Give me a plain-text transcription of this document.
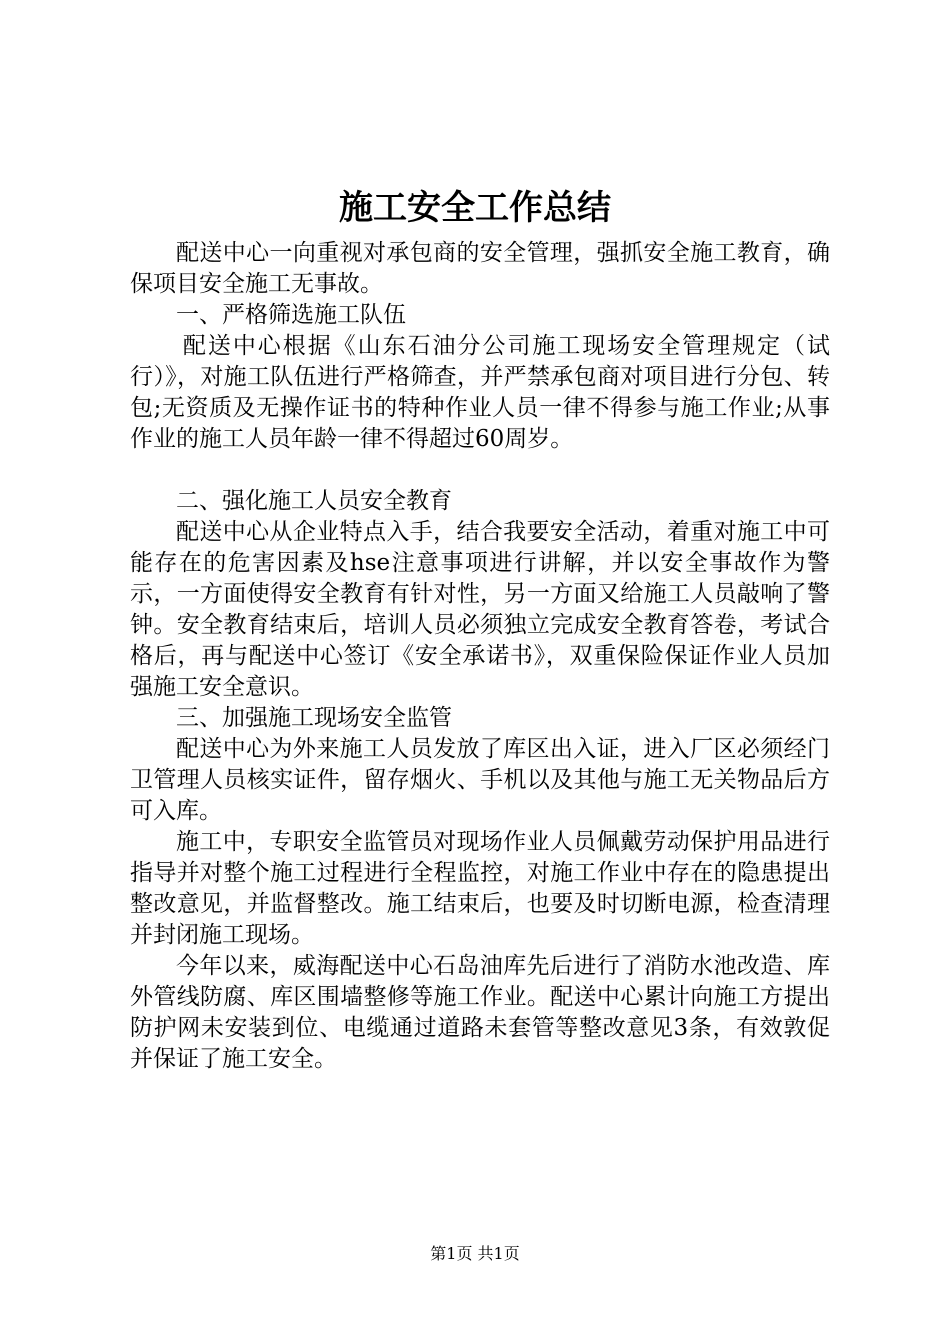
施工安全工作总结

配送中心一向重视对承包商的安全管理，强抓安全施工教育，确保项目安全施工无事故。

一、严格筛选施工队伍

配送中心根据《山东石油分公司施工现场安全管理规定（试行）》，对施工队伍进行严格筛查，并严禁承包商对项目进行分包、转包;无资质及无操作证书的特种作业人员一律不得参与施工作业;从事作业的施工人员年龄一律不得超过60周岁。

二、强化施工人员安全教育

配送中心从企业特点入手，结合我要安全活动，着重对施工中可能存在的危害因素及hse注意事项进行讲解，并以安全事故作为警示，一方面使得安全教育有针对性，另一方面又给施工人员敲响了警钟。安全教育结束后，培训人员必须独立完成安全教育答卷，考试合格后，再与配送中心签订《安全承诺书》，双重保险保证作业人员加强施工安全意识。

三、加强施工现场安全监管

配送中心为外来施工人员发放了库区出入证，进入厂区必须经门卫管理人员核实证件，留存烟火、手机以及其他与施工无关物品后方可入库。

施工中，专职安全监管员对现场作业人员佩戴劳动保护用品进行指导并对整个施工过程进行全程监控，对施工作业中存在的隐患提出整改意见，并监督整改。施工结束后，也要及时切断电源，检查清理并封闭施工现场。

今年以来，威海配送中心石岛油库先后进行了消防水池改造、库外管线防腐、库区围墙整修等施工作业。配送中心累计向施工方提出防护网未安装到位、电缆通过道路未套管等整改意见3条，有效敦促并保证了施工安全。

第1页 共1页
